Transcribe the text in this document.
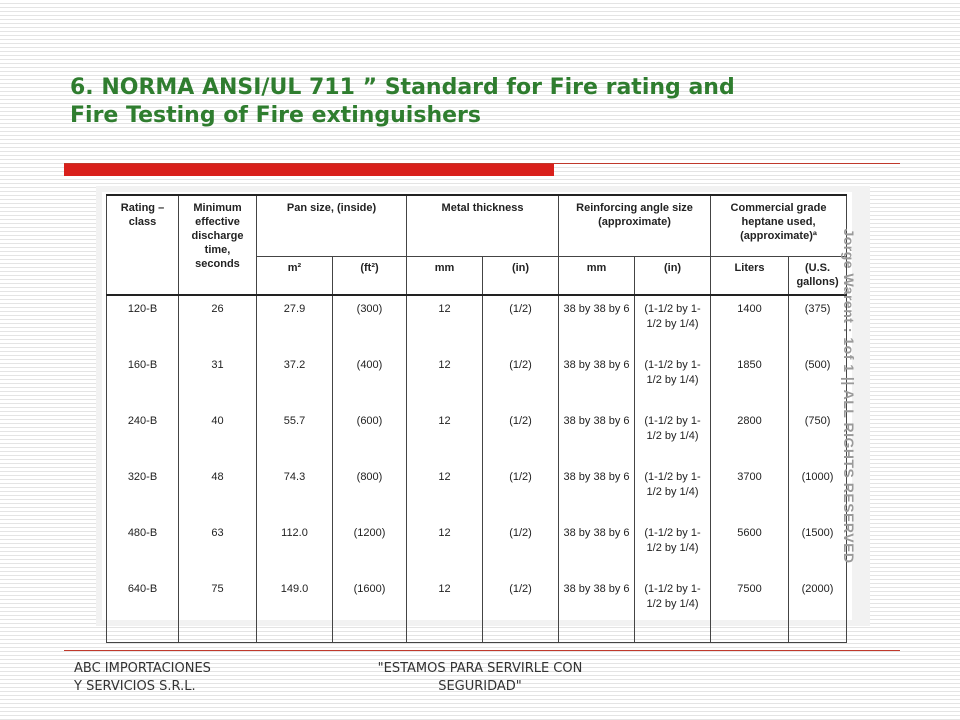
6. NORMA ANSI/UL 711 ” Standard for Fire rating and
Fire Testing of Fire extinguishers
Rating – class	Minimum effective discharge time, seconds	Pan size, (inside)		Metal thickness		Reinforcing angle size (approximate)		Commercial grade heptane used, (approximate)ª	
		m²	(ft²)	mm	(in)	mm	(in)	Liters	(U.S. gallons)
120-B	26	27.9	(300)	12	(1/2)	38 by 38 by 6	(1-1/2 by 1-1/2 by 1/4)	1400	(375)
160-B	31	37.2	(400)	12	(1/2)	38 by 38 by 6	(1-1/2 by 1-1/2 by 1/4)	1850	(500)
240-B	40	55.7	(600)	12	(1/2)	38 by 38 by 6	(1-1/2 by 1-1/2 by 1/4)	2800	(750)
320-B	48	74.3	(800)	12	(1/2)	38 by 38 by 6	(1-1/2 by 1-1/2 by 1/4)	3700	(1000)
480-B	63	112.0	(1200)	12	(1/2)	38 by 38 by 6	(1-1/2 by 1-1/2 by 1/4)	5600	(1500)
640-B	75	149.0	(1600)	12	(1/2)	38 by 38 by 6	(1-1/2 by 1-1/2 by 1/4)	7500	(2000)
Jorge Warent : 1of 1 || ALL RIGHTS RESERVED
ABC IMPORTACIONES
Y SERVICIOS S.R.L.
"ESTAMOS PARA SERVIRLE CON
SEGURIDAD"
